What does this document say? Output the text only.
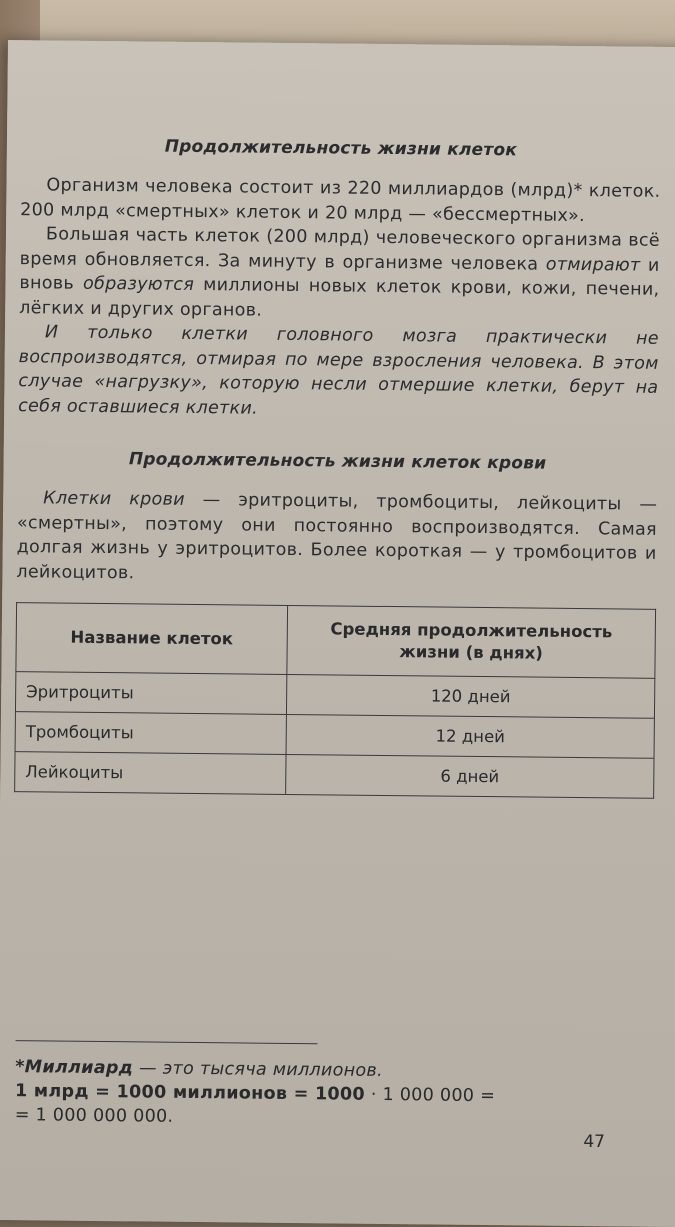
Продолжительность жизни клеток

Организм человека состоит из 220 миллиардов (млрд)* клеток. 200 млрд «смертных» клеток и 20 млрд — «бессмертных».

Большая часть клеток (200 млрд) человеческого организма всё время обновляется. За минуту в организме человека отмирают и вновь образуются миллионы новых клеток крови, кожи, печени, лёгких и других органов.

И только клетки головного мозга практически не воспроизводятся, отмирая по мере взросления человека. В этом случае «нагрузку», которую несли отмершие клетки, берут на себя оставшиеся клетки.

Продолжительность жизни клеток крови

Клетки крови — эритроциты, тромбоциты, лейкоциты — «смертны», поэтому они постоянно воспроизводятся. Самая долгая жизнь у эритроцитов. Более короткая — у тромбоцитов и лейкоцитов.

Название клеток	Средняя продолжительность жизни (в днях)
Эритроциты	120 дней
Тромбоциты	12 дней
Лейкоциты	6 дней
*Миллиард — это тысяча миллионов.
1 млрд = 1000 миллионов = 1000 · 1 000 000 =
= 1 000 000 000.
47
